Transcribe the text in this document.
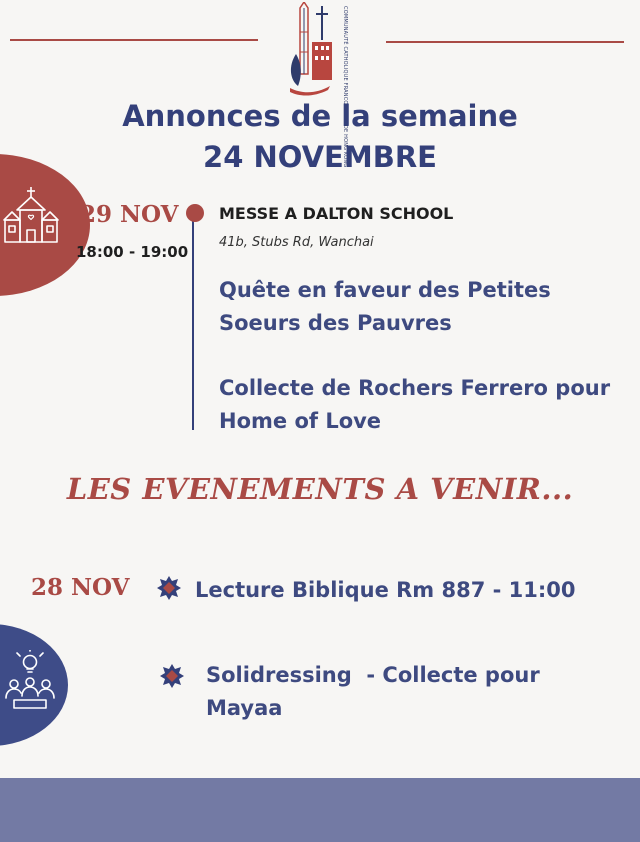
COMMUNAUTÉ CATHOLIQUE FRANCOPHONE DE HONG KONG
Annonces de la semaine
24 NOVEMBRE
29 NOV
18:00 - 19:00
MESSE A DALTON SCHOOL
41b, Stubs Rd, Wanchai
Quête en faveur des Petites
Soeurs des Pauvres
Collecte de Rochers Ferrero pour
Home of Love
LES EVENEMENTS A VENIR...
28 NOV	Lecture Biblique Rm 887 - 11:00
Solidressing  - Collecte pour
Mayaa
